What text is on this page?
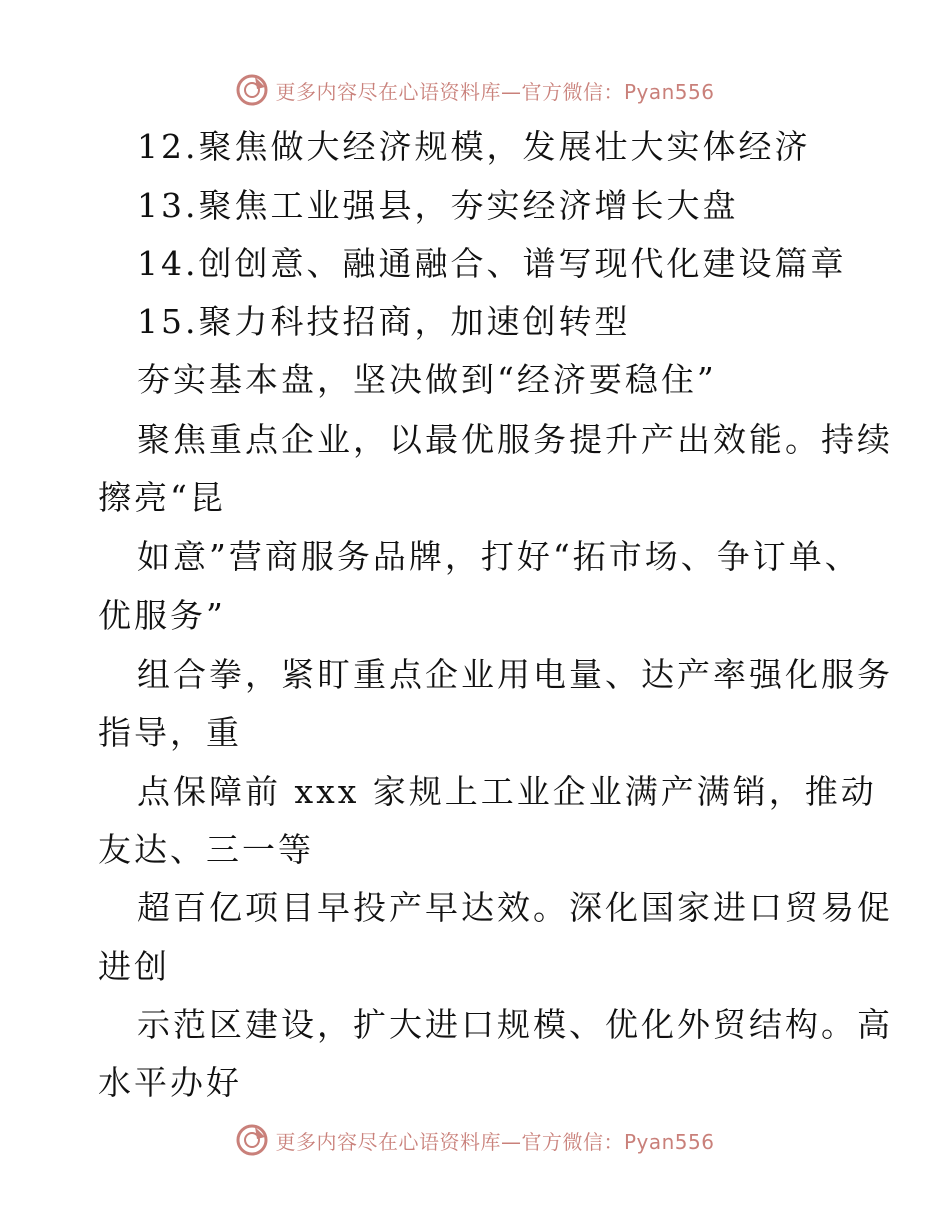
更多内容尽在心语资料库—官方微信：Pyan556
12.聚焦做大经济规模，发展壮大实体经济
13.聚焦工业强县，夯实经济增长大盘
14.创创意、融通融合、谱写现代化建设篇章
15.聚力科技招商，加速创转型
夯实基本盘，坚决做到“经济要稳住”
聚焦重点企业，以最优服务提升产出效能。持续
擦亮“昆
如意”营商服务品牌，打好“拓市场、争订单、
优服务”
组合拳，紧盯重点企业用电量、达产率强化服务
指导，重
点保障前 xxx 家规上工业企业满产满销，推动
友达、三一等
超百亿项目早投产早达效。深化国家进口贸易促
进创
示范区建设，扩大进口规模、优化外贸结构。高
水平办好
更多内容尽在心语资料库—官方微信：Pyan556
